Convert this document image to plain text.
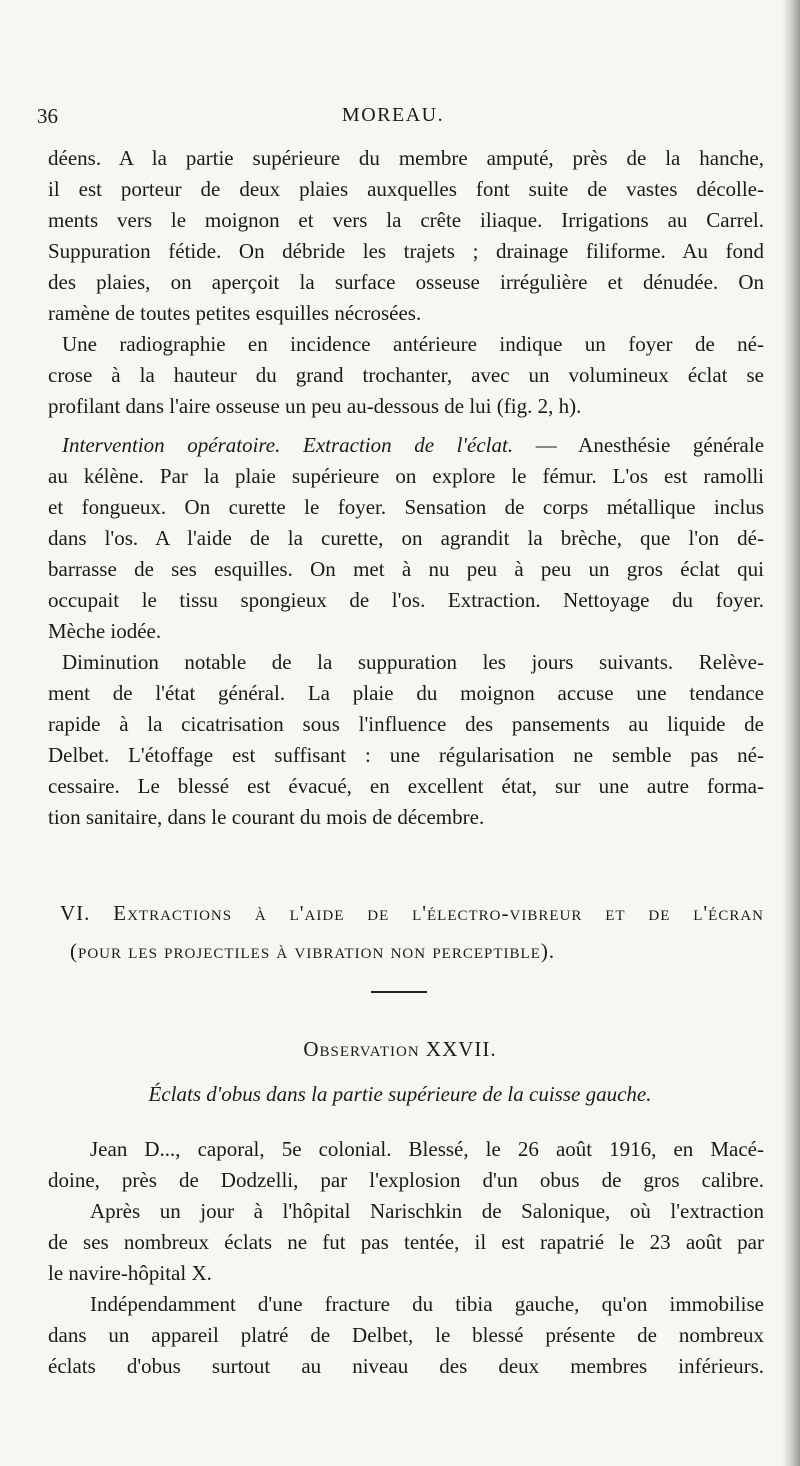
36	MOREAU.
déens. A la partie supérieure du membre amputé, près de la hanche,
il est porteur de deux plaies auxquelles font suite de vastes décolle-
ments vers le moignon et vers la crête iliaque. Irrigations au Carrel.
Suppuration fétide. On débride les trajets ; drainage filiforme. Au fond
des plaies, on aperçoit la surface osseuse irrégulière et dénudée. On
ramène de toutes petites esquilles nécrosées.
Une radiographie en incidence antérieure indique un foyer de né-
crose à la hauteur du grand trochanter, avec un volumineux éclat se
profilant dans l'aire osseuse un peu au-dessous de lui (fig. 2, h).
Intervention opératoire. Extraction de l'éclat. — Anesthésie générale
au kélène. Par la plaie supérieure on explore le fémur. L'os est ramolli
et fongueux. On curette le foyer. Sensation de corps métallique inclus
dans l'os. A l'aide de la curette, on agrandit la brèche, que l'on dé-
barrasse de ses esquilles. On met à nu peu à peu un gros éclat qui
occupait le tissu spongieux de l'os. Extraction. Nettoyage du foyer.
Mèche iodée.
Diminution notable de la suppuration les jours suivants. Relève-
ment de l'état général. La plaie du moignon accuse une tendance
rapide à la cicatrisation sous l'influence des pansements au liquide de
Delbet. L'étoffage est suffisant : une régularisation ne semble pas né-
cessaire. Le blessé est évacué, en excellent état, sur une autre forma-
tion sanitaire, dans le courant du mois de décembre.
VI. Extractions à l'aide de l'électro-vibreur et de l'écran
(pour les projectiles à vibration non perceptible).
Observation XXVII.
Éclats d'obus dans la partie supérieure de la cuisse gauche.
Jean D..., caporal, 5e colonial. Blessé, le 26 août 1916, en Macé-
doine, près de Dodzelli, par l'explosion d'un obus de gros calibre.
Après un jour à l'hôpital Narischkin de Salonique, où l'extraction
de ses nombreux éclats ne fut pas tentée, il est rapatrié le 23 août par
le navire-hôpital X.
Indépendamment d'une fracture du tibia gauche, qu'on immobilise
dans un appareil platré de Delbet, le blessé présente de nombreux
éclats d'obus surtout au niveau des deux membres inférieurs.
